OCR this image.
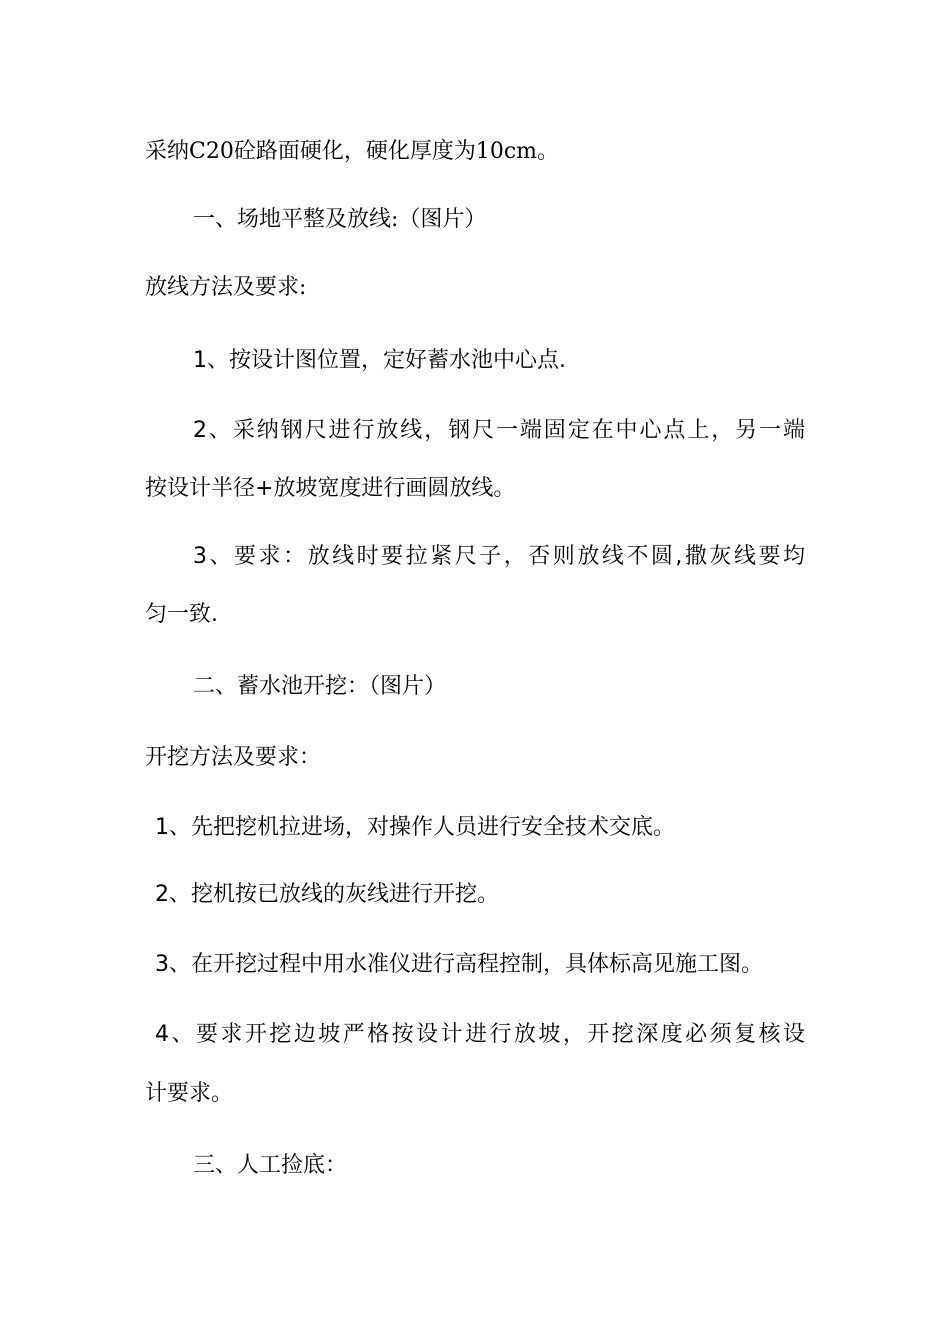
采纳C20砼路面硬化，硬化厚度为10cm。
一、场地平整及放线:（图片）
放线方法及要求:
1、按设计图位置，定好蓄水池中心点.
2、采纳钢尺进行放线，钢尺一端固定在中心点上，另一端
按设计半径+放坡宽度进行画圆放线。
3、要求：放线时要拉紧尺子，否则放线不圆,撒灰线要均
匀一致.
二、蓄水池开挖：（图片）
开挖方法及要求：
1、先把挖机拉进场，对操作人员进行安全技术交底。
2、挖机按已放线的灰线进行开挖。
3、在开挖过程中用水准仪进行高程控制，具体标高见施工图。
4、要求开挖边坡严格按设计进行放坡，开挖深度必须复核设
计要求。
三、人工捡底：
